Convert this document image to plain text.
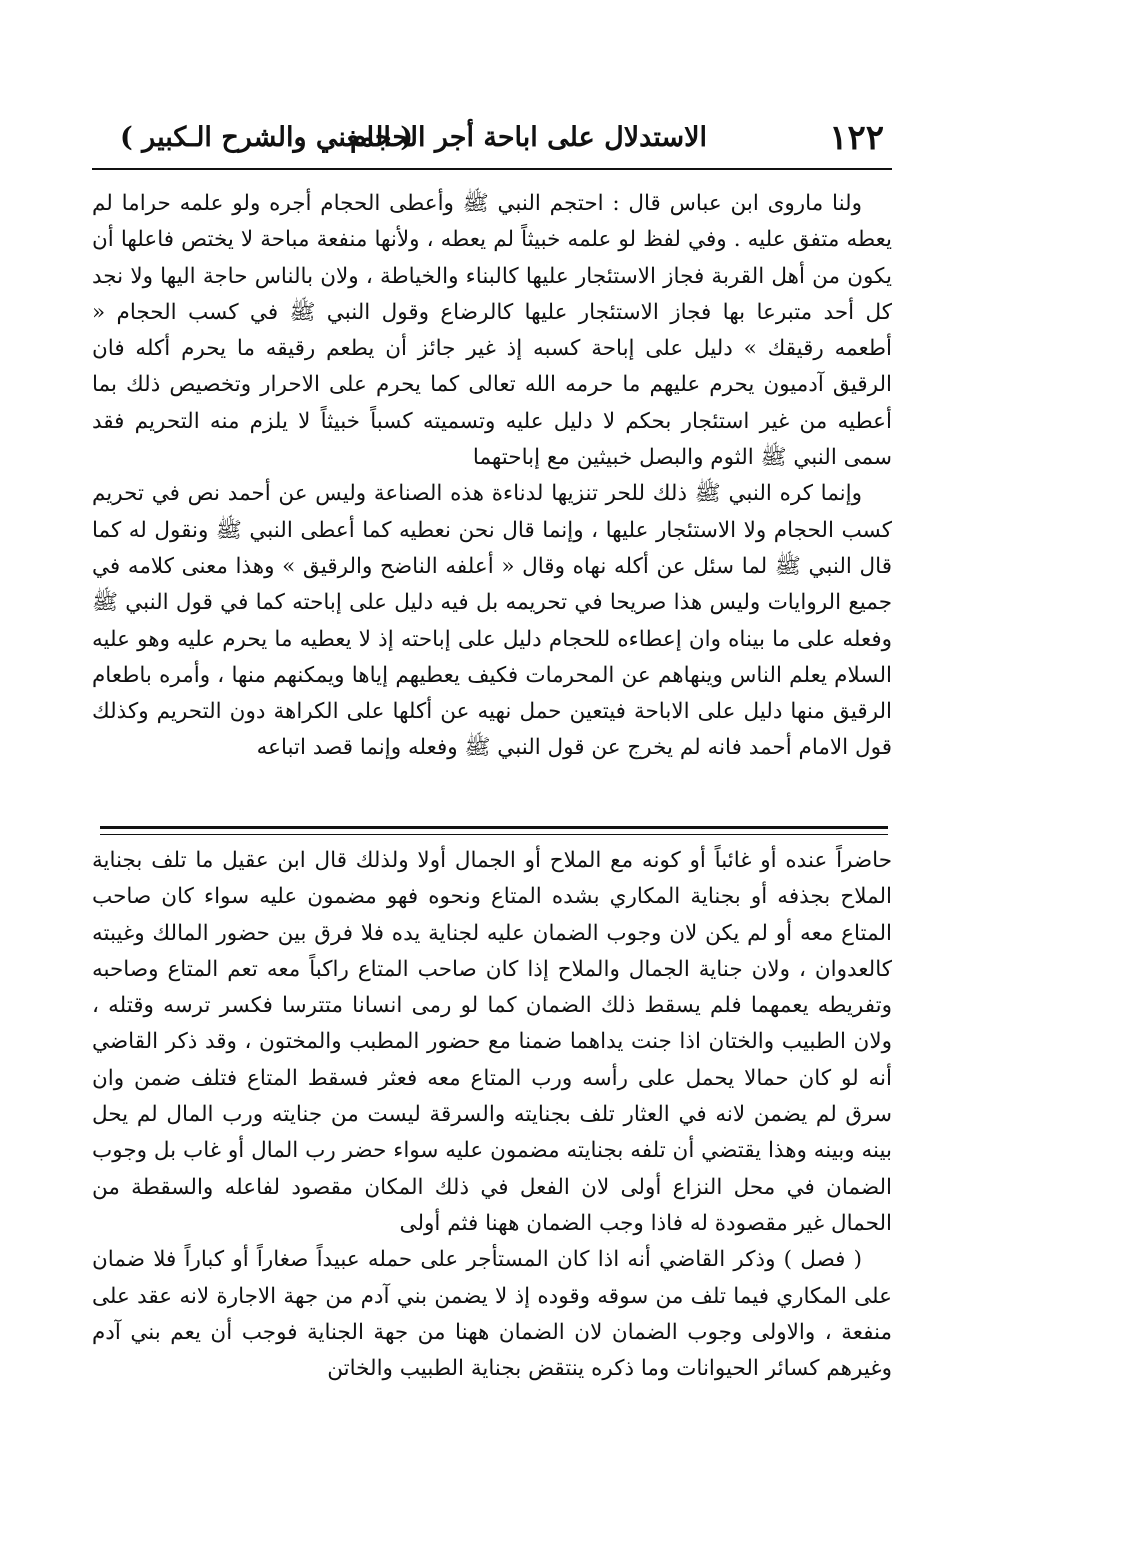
١٢٢
الاستدلال على اباحة أجر الحجام
( المغني والشرح الـكبير )

ولنا ماروى ابن عباس قال : احتجم النبي ﷺ وأعطى الحجام أجره ولو علمه حراما لم يعطه متفق عليه . وفي لفظ لو علمه خبيثاً لم يعطه ، ولأنها منفعة مباحة لا يختص فاعلها أن يكون من أهل القربة فجاز الاستئجار عليها كالبناء والخياطة ، ولان بالناس حاجة اليها ولا نجد كل أحد متبرعا بها فجاز الاستئجار عليها كالرضاع وقول النبي ﷺ في كسب الحجام « أطعمه رقيقك » دليل على إباحة كسبه إذ غير جائز أن يطعم رقيقه ما يحرم أكله فان الرقيق آدميون يحرم عليهم ما حرمه الله تعالى كما يحرم على الاحرار وتخصيص ذلك بما أعطيه من غير استئجار بحكم لا دليل عليه وتسميته كسباً خبيثاً لا يلزم منه التحريم فقد سمى النبي ﷺ الثوم والبصل خبيثين مع إباحتهما

وإنما كره النبي ﷺ ذلك للحر تنزيها لدناءة هذه الصناعة وليس عن أحمد نص في تحريم كسب الحجام ولا الاستئجار عليها ، وإنما قال نحن نعطيه كما أعطى النبي ﷺ ونقول له كما قال النبي ﷺ لما سئل عن أكله نهاه وقال « أعلفه الناضح والرقيق » وهذا معنى كلامه في جميع الروايات وليس هذا صريحا في تحريمه بل فيه دليل على إباحته كما في قول النبي ﷺ وفعله على ما بيناه وان إعطاءه للحجام دليل على إباحته إذ لا يعطيه ما يحرم عليه وهو عليه السلام يعلم الناس وينهاهم عن المحرمات فكيف يعطيهم إياها ويمكنهم منها ، وأمره باطعام الرقيق منها دليل على الاباحة فيتعين حمل نهيه عن أكلها على الكراهة دون التحريم وكذلك قول الامام أحمد فانه لم يخرج عن قول النبي ﷺ وفعله وإنما قصد اتباعه

حاضراً عنده أو غائباً أو كونه مع الملاح أو الجمال أولا ولذلك قال ابن عقيل ما تلف بجناية الملاح بجذفه أو بجناية المكاري بشده المتاع ونحوه فهو مضمون عليه سواء كان صاحب المتاع معه أو لم يكن لان وجوب الضمان عليه لجناية يده فلا فرق بين حضور المالك وغيبته كالعدوان ، ولان جناية الجمال والملاح إذا كان صاحب المتاع راكباً معه تعم المتاع وصاحبه وتفريطه يعمهما فلم يسقط ذلك الضمان كما لو رمى انسانا متترسا فكسر ترسه وقتله ، ولان الطبيب والختان اذا جنت يداهما ضمنا مع حضور المطبب والمختون ، وقد ذكر القاضي أنه لو كان حمالا يحمل على رأسه ورب المتاع معه فعثر فسقط المتاع فتلف ضمن وان سرق لم يضمن لانه في العثار تلف بجنايته والسرقة ليست من جنايته ورب المال لم يحل بينه وبينه وهذا يقتضي أن تلفه بجنايته مضمون عليه سواء حضر رب المال أو غاب بل وجوب الضمان في محل النزاع أولى لان الفعل في ذلك المكان مقصود لفاعله والسقطة من الحمال غير مقصودة له فاذا وجب الضمان ههنا فثم أولى

( فصل ) وذكر القاضي أنه اذا كان المستأجر على حمله عبيداً صغاراً أو كباراً فلا ضمان على المكاري فيما تلف من سوقه وقوده إذ لا يضمن بني آدم من جهة الاجارة لانه عقد على منفعة ، والاولى وجوب الضمان لان الضمان ههنا من جهة الجناية فوجب أن يعم بني آدم وغيرهم كسائر الحيوانات وما ذكره ينتقض بجناية الطبيب والخاتن
